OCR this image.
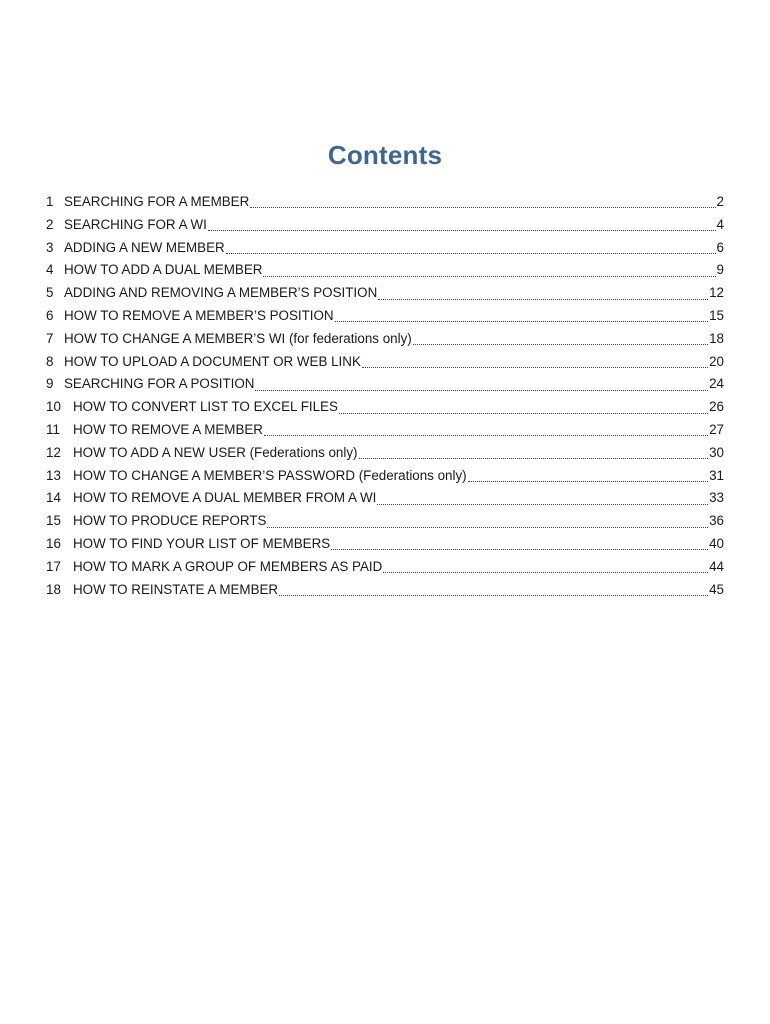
Contents
1 SEARCHING FOR A MEMBER	2
2 SEARCHING FOR A WI	4
3 ADDING A NEW MEMBER	6
4 HOW TO ADD A DUAL MEMBER	9
5 ADDING AND REMOVING A MEMBER’S POSITION	12
6 HOW TO REMOVE A MEMBER’S POSITION	15
7 HOW TO CHANGE A MEMBER’S WI (for federations only)	18
8 HOW TO UPLOAD A DOCUMENT OR WEB LINK	20
9 SEARCHING FOR A POSITION	24
10 HOW TO CONVERT LIST TO EXCEL FILES	26
11 HOW TO REMOVE A MEMBER	27
12 HOW TO ADD A NEW USER (Federations only)	30
13 HOW TO CHANGE A MEMBER’S PASSWORD (Federations only)	31
14 HOW TO REMOVE A DUAL MEMBER FROM A WI	33
15 HOW TO PRODUCE REPORTS	36
16 HOW TO FIND YOUR LIST OF MEMBERS	40
17 HOW TO MARK A GROUP OF MEMBERS AS PAID	44
18 HOW TO REINSTATE A MEMBER	45
